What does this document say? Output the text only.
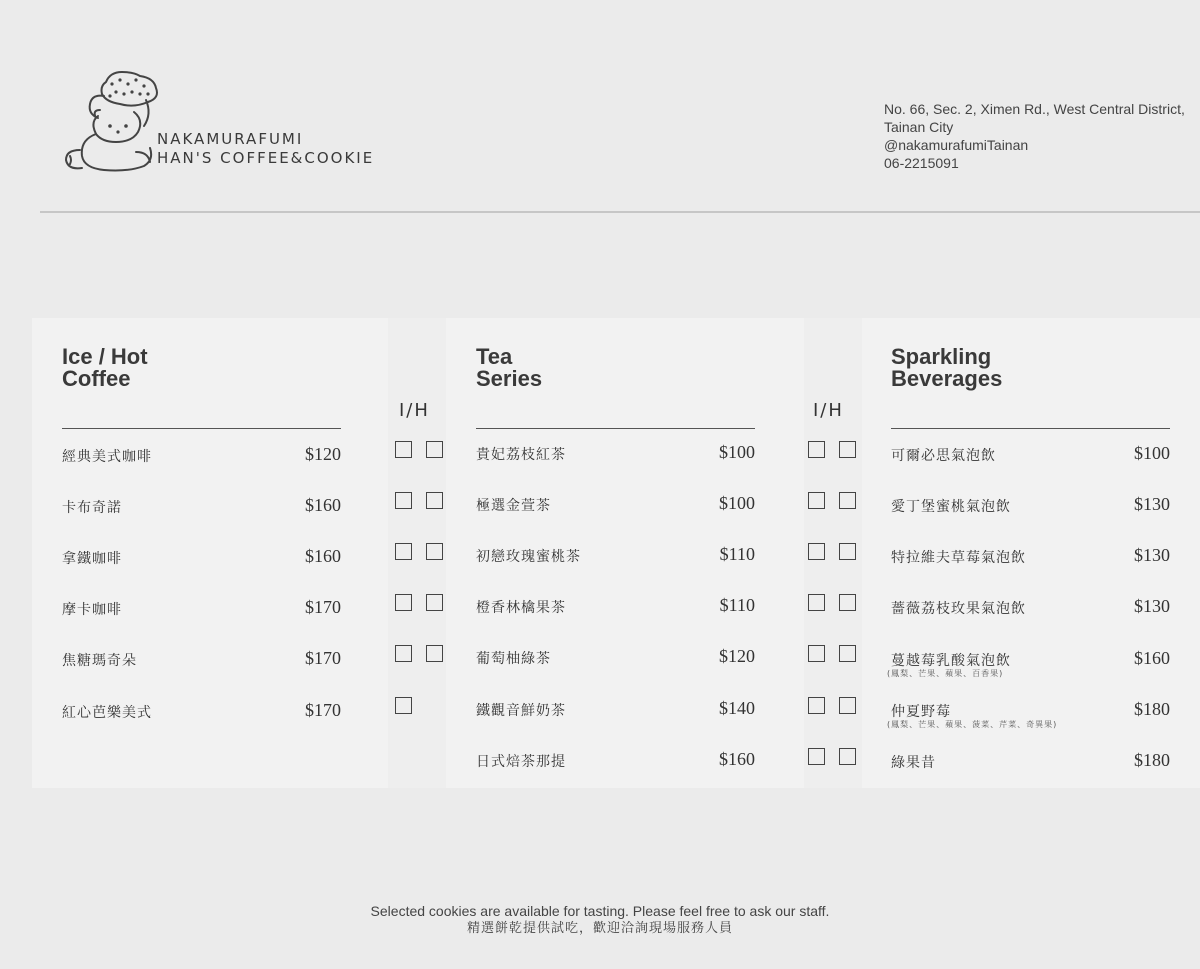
NAKAMURAFUMI
HAN'S COFFEE&COOKIE
No. 66, Sec. 2, Ximen Rd., West Central District,
Tainan City
@nakamurafumiTainan
06-2215091
Ice / Hot
Coffee
Tea
Series
Sparkling
Beverages
I/H	I/H
經典美式咖啡	$120
卡布奇諾	$160
拿鐵咖啡	$160
摩卡咖啡	$170
焦糖瑪奇朵	$170
紅心芭樂美式	$170
貴妃荔枝紅茶	$100
極選金萱茶	$100
初戀玫瑰蜜桃茶	$110
橙香林檎果茶	$110
葡萄柚綠茶	$120
鐵觀音鮮奶茶	$140
日式焙茶那提	$160
可爾必思氣泡飲	$100
愛丁堡蜜桃氣泡飲	$130
特拉維夫草莓氣泡飲	$130
薔薇荔枝玫果氣泡飲	$130
蔓越莓乳酸氣泡飲	$160
(鳳梨、芒果、蘋果、百香果)
仲夏野莓	$180
(鳳梨、芒果、蘋果、菠菜、芹菜、奇異果)
綠果昔	$180
Selected cookies are available for tasting. Please feel free to ask our staff.
精選餅乾提供試吃，歡迎洽詢現場服務人員
